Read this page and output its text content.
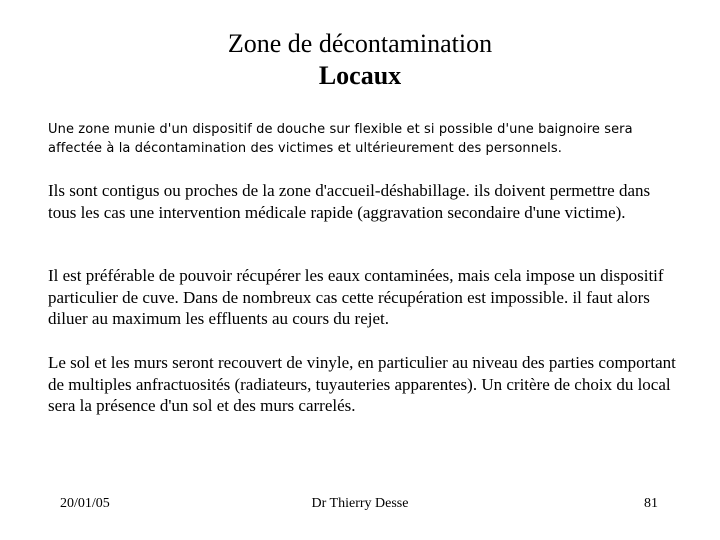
Zone de décontamination
Locaux
Une zone munie d'un dispositif de douche sur flexible et si possible d'une baignoire sera affectée à la décontamination des victimes et ultérieurement des personnels.
Ils sont contigus ou proches de la zone d'accueil-déshabillage. ils doivent permettre dans tous les cas une intervention médicale rapide (aggravation secondaire d'une victime).
Il est préférable de pouvoir récupérer les eaux contaminées, mais cela impose un dispositif particulier de cuve. Dans de nombreux cas cette récupération est impossible. il faut alors diluer au maximum les effluents au cours du rejet.
Le sol et les murs seront recouvert de vinyle, en particulier au niveau des parties comportant de multiples anfractuosités (radiateurs, tuyauteries apparentes). Un critère de choix du local sera la présence d'un sol et des murs carrelés.
20/01/05	Dr Thierry Desse	81
